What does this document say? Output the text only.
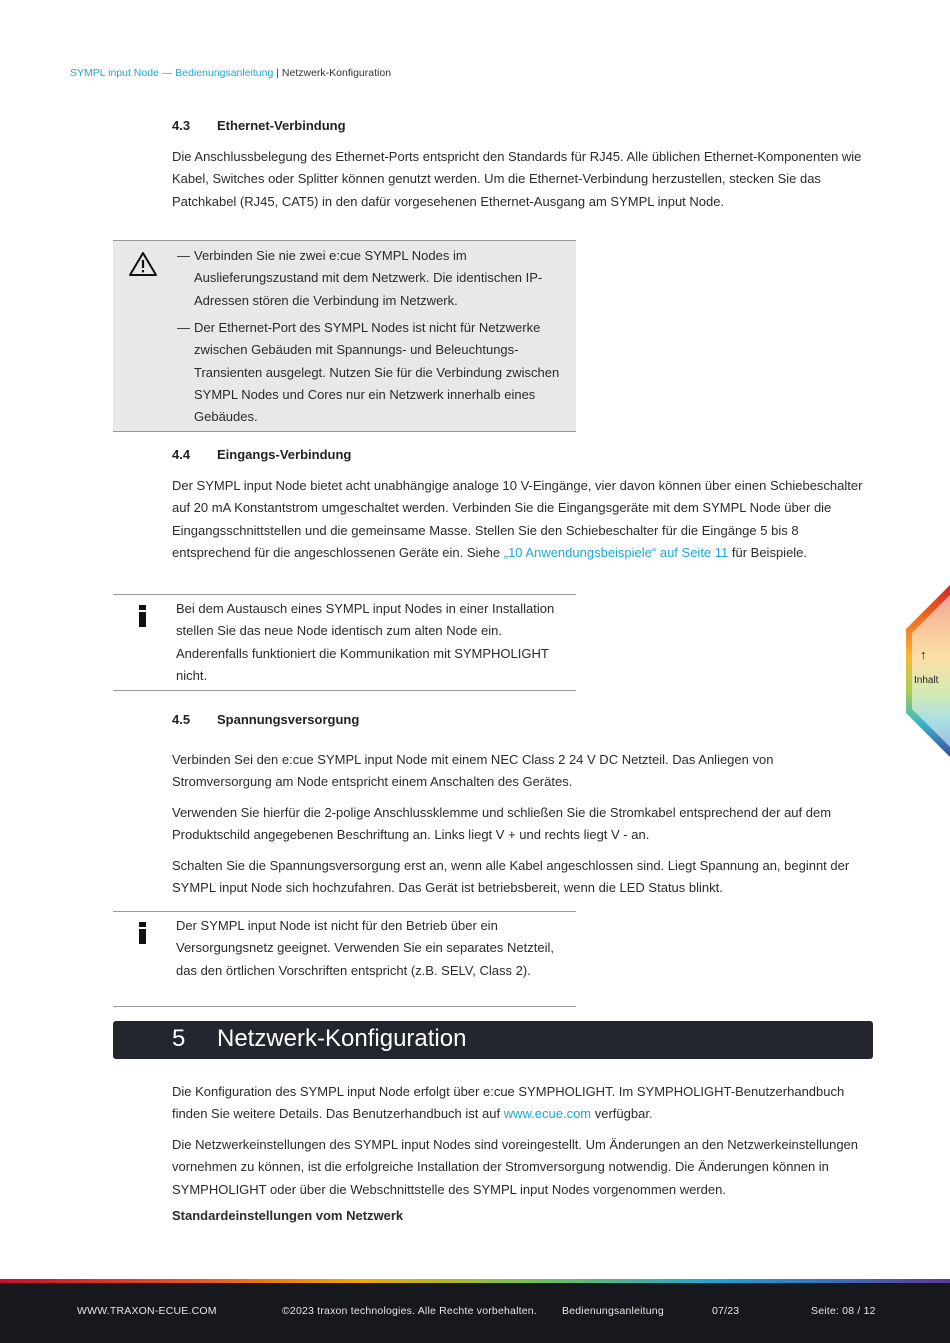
SYMPL input Node — Bedienungsanleitung | Netzwerk-Konfiguration
4.3	Ethernet-Verbindung

Die Anschlussbelegung des Ethernet-Ports entspricht den Standards für RJ45. Alle üblichen Ethernet-Komponenten wie Kabel, Switches oder Splitter können genutzt werden. Um die Ethernet-Verbindung herzustellen, stecken Sie das Patchkabel (RJ45, CAT5) in den dafür vorgesehenen Ethernet-Ausgang am SYMPL input Node.

— Verbinden Sie nie zwei e:cue SYMPL Nodes im Auslieferungszustand mit dem Netzwerk. Die identischen IP-Adressen stören die Verbindung im Netzwerk.
— Der Ethernet-Port des SYMPL Nodes ist nicht für Netzwerke zwischen Gebäuden mit Spannungs- und Beleuchtungs-Transienten ausgelegt. Nutzen Sie für die Verbindung zwischen SYMPL Nodes und Cores nur ein Netzwerk innerhalb eines Gebäudes.
4.4	Eingangs-Verbindung

Der SYMPL input Node bietet acht unabhängige analoge 10 V-Eingänge, vier davon können über einen Schiebeschalter auf 20 mA Konstantstrom umgeschaltet werden. Verbinden Sie die Eingangsgeräte mit dem SYMPL Node über die Eingangsschnittstellen und die gemeinsame Masse. Stellen Sie den Schiebeschalter für die Eingänge 5 bis 8 entsprechend für die angeschlossenen Geräte ein. Siehe „10 Anwendungsbeispiele“ auf Seite 11 für Beispiele.

Bei dem Austausch eines SYMPL input Nodes in einer Installation stellen Sie das neue Node identisch zum alten Node ein. Anderenfalls funktioniert die Kommunikation mit SYMPHOLIGHT nicht.
4.5	Spannungsversorgung

Verbinden Sei den e:cue SYMPL input Node mit einem NEC Class 2 24 V DC Netzteil. Das Anliegen von Stromversorgung am Node entspricht einem Anschalten des Gerätes.

Verwenden Sie hierfür die 2-polige Anschlussklemme und schließen Sie die Stromkabel entsprechend der auf dem Produktschild angegebenen Beschriftung an. Links liegt V + und rechts liegt V - an.

Schalten Sie die Spannungsversorgung erst an, wenn alle Kabel angeschlossen sind. Liegt Spannung an, beginnt der SYMPL input Node sich hochzufahren. Das Gerät ist betriebsbereit, wenn die LED Status blinkt.

Der SYMPL input Node ist nicht für den Betrieb über ein Versorgungsnetz geeignet. Verwenden Sie ein separates Netzteil, das den örtlichen Vorschriften entspricht (z.B. SELV, Class 2).
5 Netzwerk-Konfiguration

Die Konfiguration des SYMPL input Node erfolgt über e:cue SYMPHOLIGHT. Im SYMPHOLIGHT-Benutzerhandbuch finden Sie weitere Details. Das Benutzerhandbuch ist auf www.ecue.com verfügbar.

Die Netzwerkeinstellungen des SYMPL input Nodes sind voreingestellt. Um Änderungen an den Netzwerkeinstellungen vornehmen zu können, ist die erfolgreiche Installation der Stromversorgung notwendig. Die Änderungen können in SYMPHOLIGHT oder über die Webschnittstelle des SYMPL input Nodes vorgenommen werden.

Standardeinstellungen vom Netzwerk

↑
Inhalt
WWW.TRAXON-ECUE.COM	©2023 traxon technologies. Alle Rechte vorbehalten. Bedienungsanleitung	07/23	Seite: 08 / 12
